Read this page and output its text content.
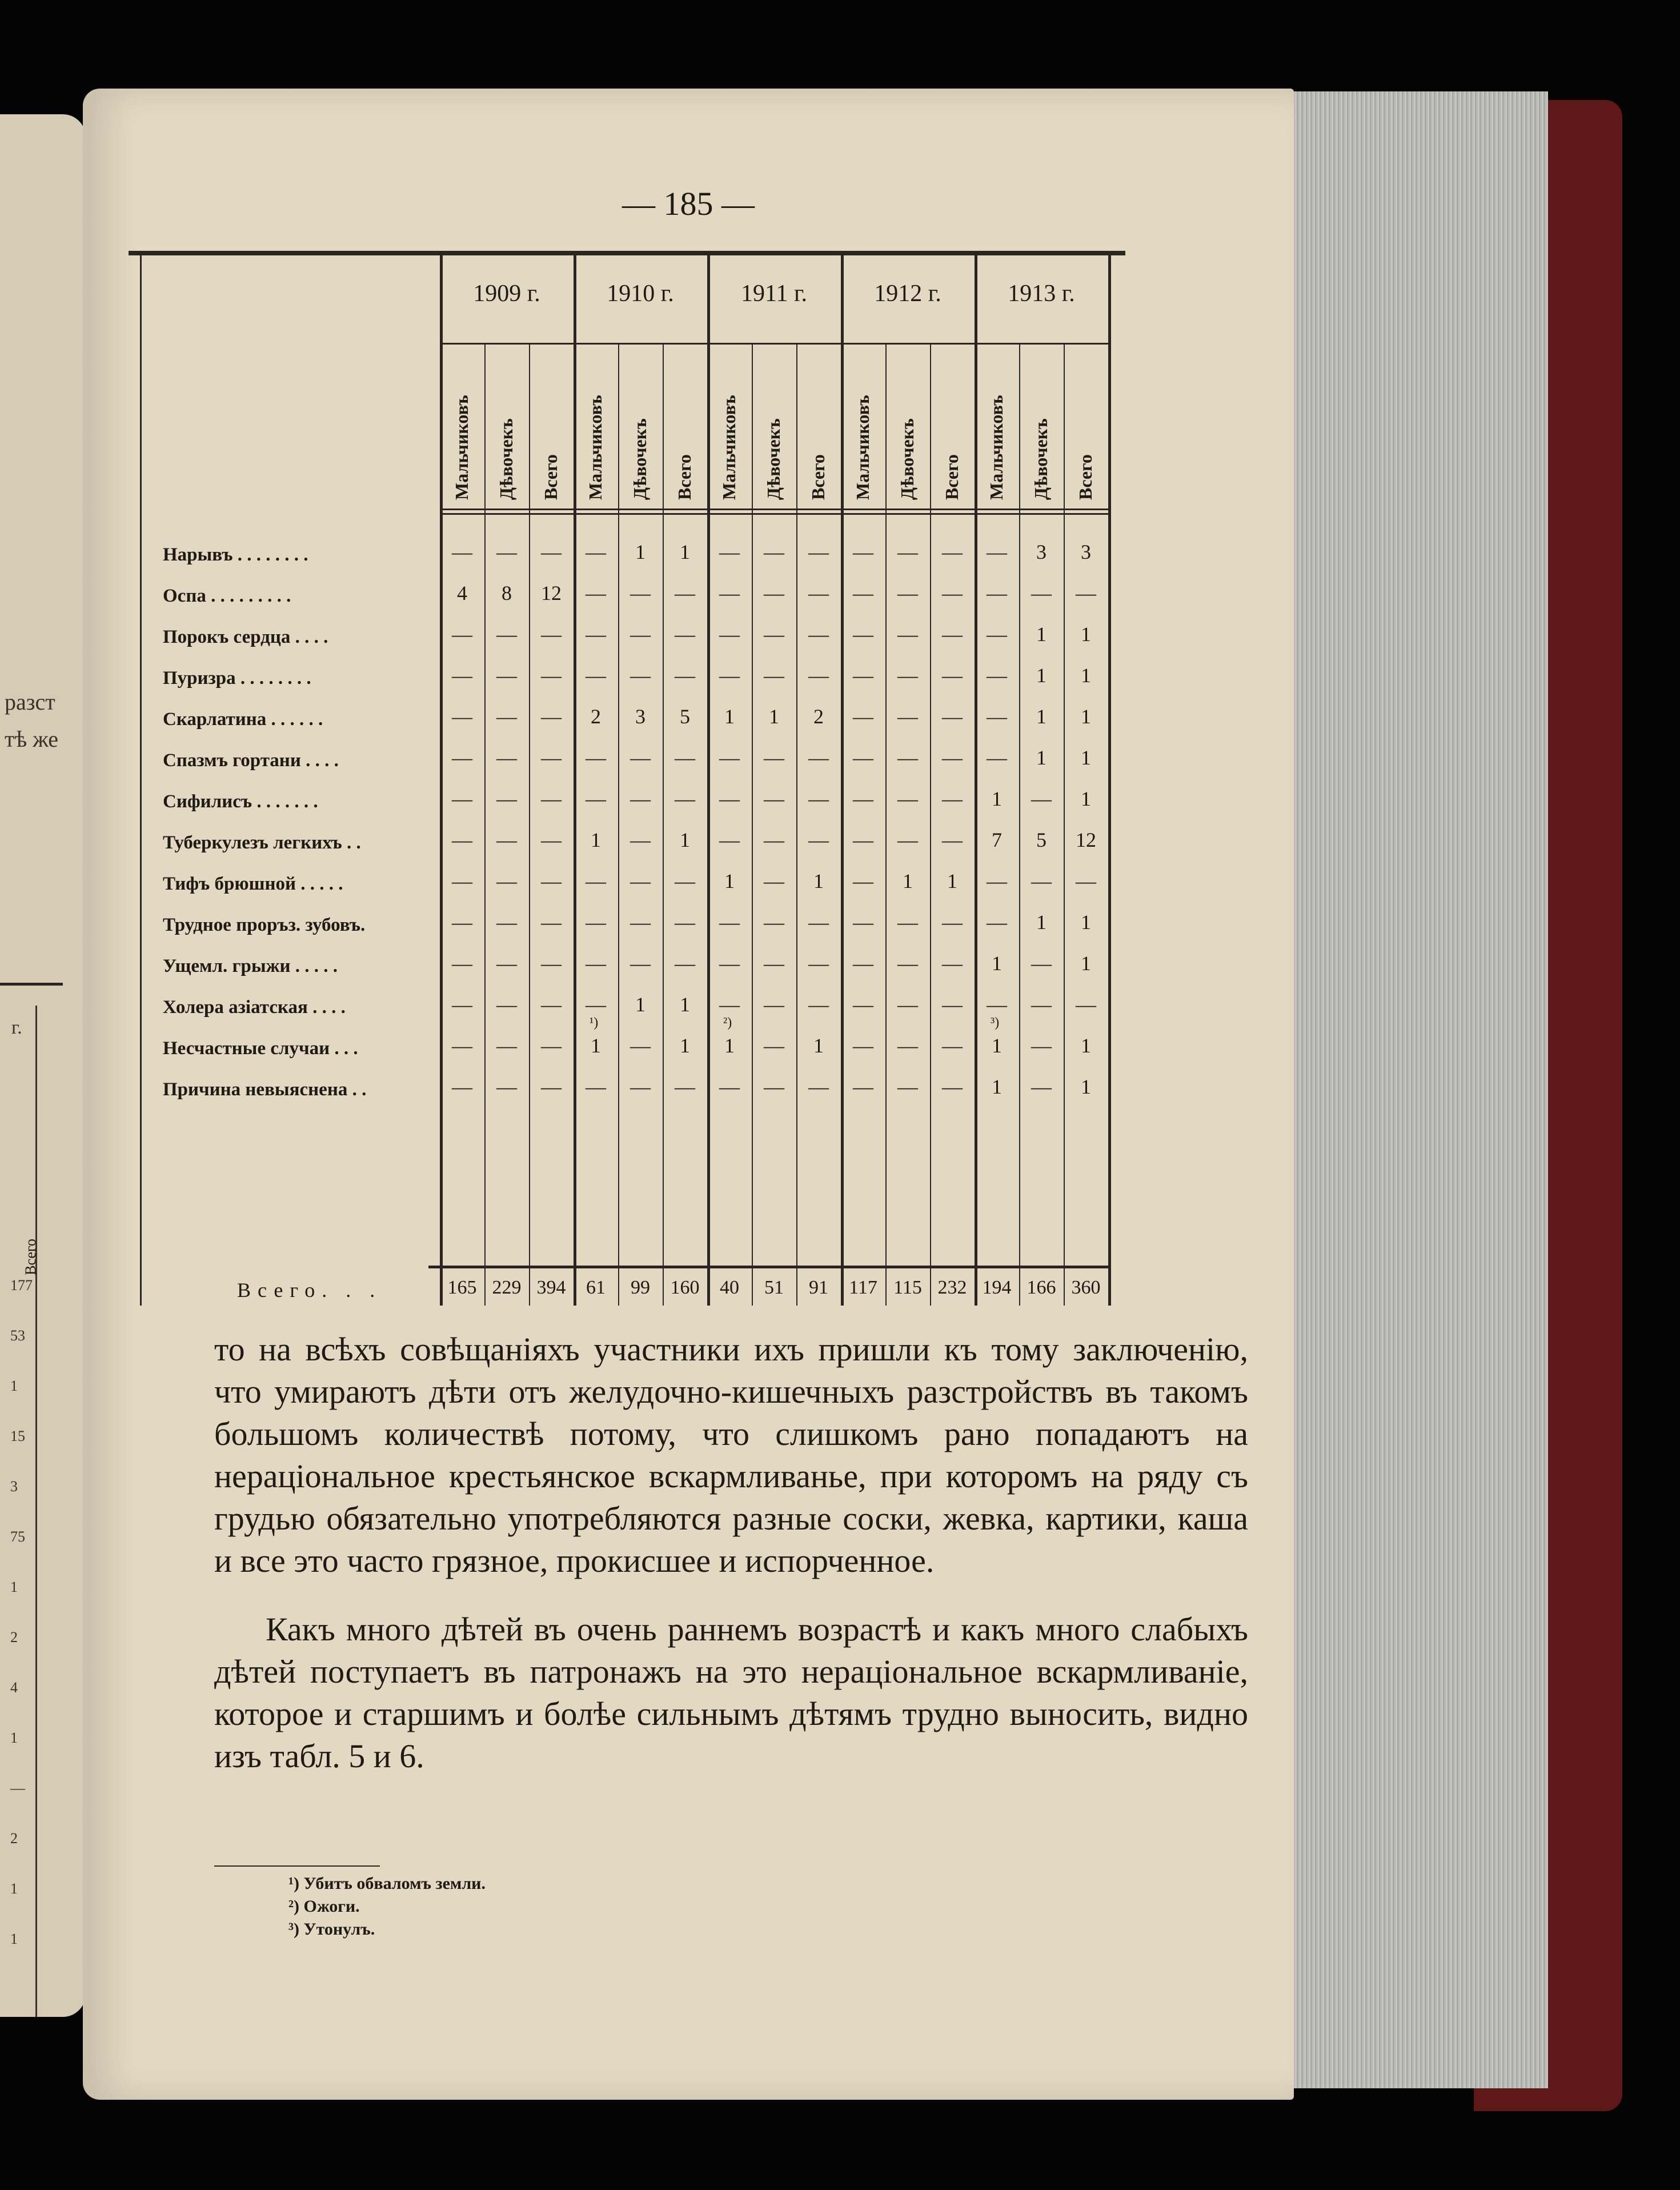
разст
тѣ же
г.
Всего
177
53
1
15
3
75
1
2
4
1
—
2
1
1
— 185 —
1909 г.
Мальчиковъ Дѣвочекъ Всего
1910 г.
Мальчиковъ Дѣвочекъ Всего
1911 г.
Мальчиковъ Дѣвочекъ Всего
1912 г.
Мальчиковъ Дѣвочекъ Всего
1913 г.
Мальчиковъ Дѣвочекъ Всего
Нарывъ . . . . . . . .	—	—	—	—	1	1	—	—	—	—	—	—	—	3	3
Оспа . . . . . . . . .	4	8	12	—	—	—	—	—	—	—	—	—	—	—	—
Порокъ сердца . . . .	—	—	—	—	—	—	—	—	—	—	—	—	—	1	1
Пуризра . . . . . . . .	—	—	—	—	—	—	—	—	—	—	—	—	—	1	1
Скарлатина . . . . . .	—	—	—	2	3	5	1	1	2	—	—	—	—	1	1
Спазмъ гортани . . . .	—	—	—	—	—	—	—	—	—	—	—	—	—	1	1
Сифилисъ . . . . . . .	—	—	—	—	—	—	—	—	—	—	—	—	1	—	1
Туберкулезъ легкихъ . .	—	—	—	1	—	1	—	—	—	—	—	—	7	5	12
Тифъ брюшной . . . . .	—	—	—	—	—	—	1	—	1	—	1	1	—	—	—
Трудное проръз. зубовъ.	—	—	—	—	—	—	—	—	—	—	—	—	—	1	1
Ущемл. грыжи . . . . .	—	—	—	—	—	—	—	—	—	—	—	—	1	—	1
Холера азіатская . . . .	—	—	—	—	1	1	—	—	—	—	—	—	—	—	—
Несчастные случаи . . .	—	—	—	1	—	1	1	—	1	—	—	—	1	—	1
Причина невыяснена . .	—	—	—	—	—	—	—	—	—	—	—	—	1	—	1
¹)	²)	³)
Всего. . .	165 229 394	61	99	160	40	51	91	117 115 232 194 166 360

то на всѣхъ совѣщаніяхъ участники ихъ пришли къ тому заключенію, что умираютъ дѣти отъ желудочно-кишечныхъ разстройствъ въ такомъ большомъ количествѣ потому, что слишкомъ рано попадаютъ на нераціональное крестьянское вскармливанье, при которомъ на ряду съ грудью обязательно употребляются разные соски, жевка, картики, каша и все это часто грязное, прокисшее и испорченное.

Какъ много дѣтей въ очень раннемъ возрастѣ и какъ много слабыхъ дѣтей поступаетъ въ патронажъ на это нераціональное вскармливаніе, которое и старшимъ и болѣе сильнымъ дѣтямъ трудно выносить, видно изъ табл. 5 и 6.

¹) Убитъ обваломъ земли.
²) Ожоги.
³) Утонулъ.
